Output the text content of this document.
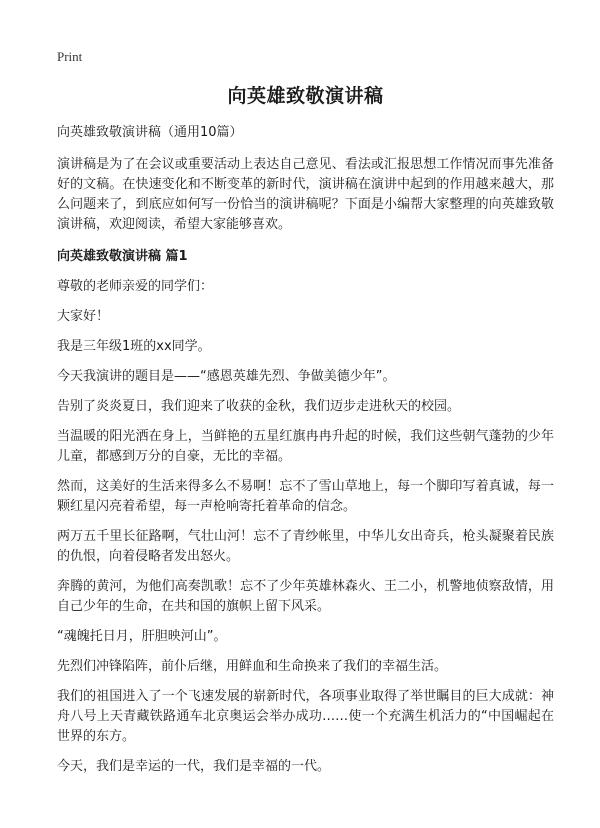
Print
向英雄致敬演讲稿

向英雄致敬演讲稿（通用10篇）

演讲稿是为了在会议或重要活动上表达自己意见、看法或汇报思想工作情况而事先准备好的文稿。在快速变化和不断变革的新时代，演讲稿在演讲中起到的作用越来越大，那么问题来了，到底应如何写一份恰当的演讲稿呢？下面是小编帮大家整理的向英雄致敬演讲稿，欢迎阅读，希望大家能够喜欢。

向英雄致敬演讲稿 篇1

尊敬的老师亲爱的同学们：

大家好！

我是三年级1班的xx同学。

今天我演讲的题目是——“感恩英雄先烈、争做美德少年”。

告别了炎炎夏日，我们迎来了收获的金秋，我们迈步走进秋天的校园。

当温暖的阳光洒在身上，当鲜艳的五星红旗冉冉升起的时候，我们这些朝气蓬勃的少年儿童，都感到万分的自豪，无比的幸福。

然而，这美好的生活来得多么不易啊！忘不了雪山草地上，每一个脚印写着真诚，每一颗红星闪亮着希望，每一声枪响寄托着革命的信念。

两万五千里长征路啊，气壮山河！忘不了青纱帐里，中华儿女出奇兵，枪头凝聚着民族的仇恨，向着侵略者发出怒火。

奔腾的黄河，为他们高奏凯歌！忘不了少年英雄林森火、王二小，机警地侦察敌情，用自己少年的生命，在共和国的旗帜上留下风采。

“魂魄托日月，肝胆映河山”。

先烈们冲锋陷阵，前仆后继，用鲜血和生命换来了我们的幸福生活。

我们的祖国进入了一个飞速发展的崭新时代，各项事业取得了举世瞩目的巨大成就：神舟八号上天青藏铁路通车北京奥运会举办成功……使一个充满生机活力的“中国崛起在世界的东方。

今天，我们是幸运的一代，我们是幸福的一代。
